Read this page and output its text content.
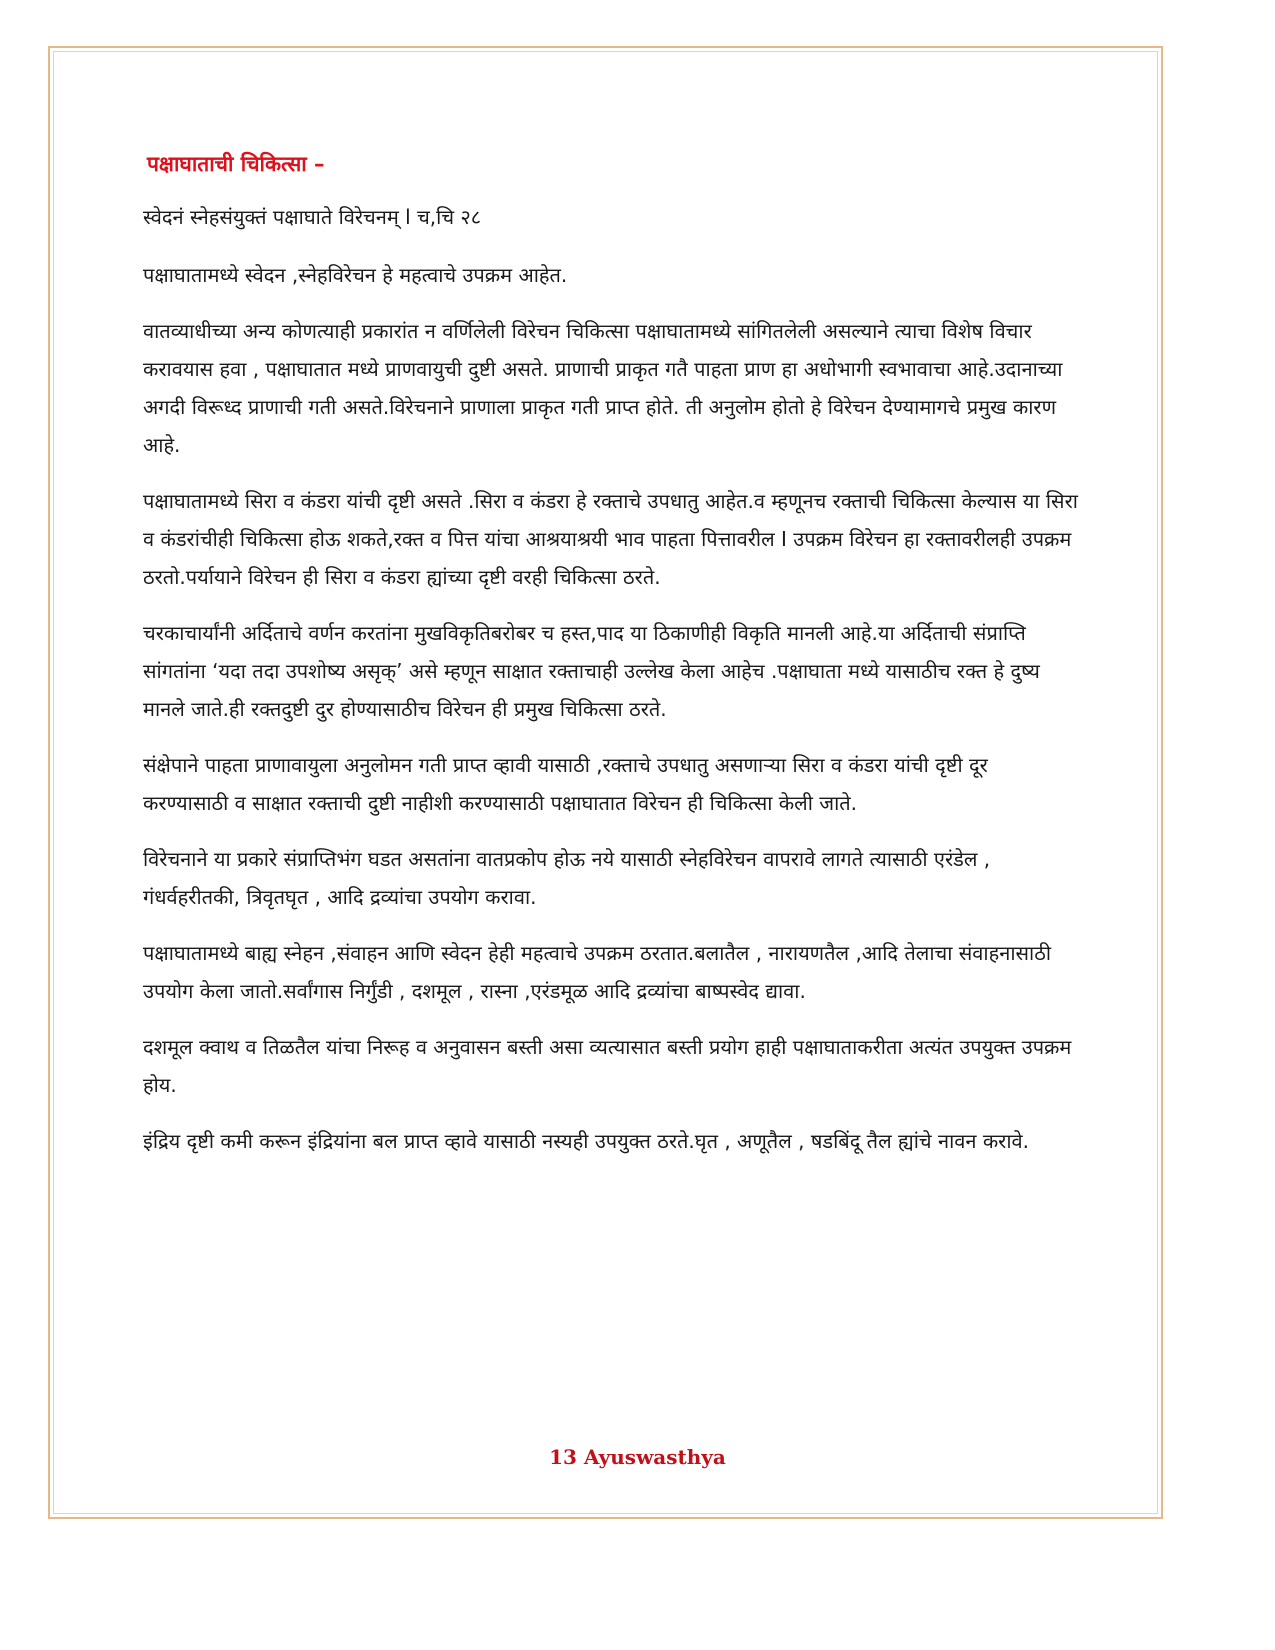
पक्षाघाताची चिकित्सा –
स्वेदनं स्नेहसंयुक्तं पक्षाघाते विरेचनम् l च,चि २८

पक्षाघातामध्ये स्वेदन ,स्नेहविरेचन हे महत्वाचे उपक्रम आहेत.

वातव्याधीच्या अन्य कोणत्याही प्रकारांत न वर्णिलेली विरेचन चिकित्सा पक्षाघातामध्ये सांगितलेली असल्याने त्याचा विशेष विचार करावयास हवा , पक्षाघातात मध्ये प्राणवायुची दुष्टी असते. प्राणाची प्राकृत गतै पाहता प्राण हा अधोभागी स्वभावाचा आहे.उदानाच्या अगदी विरूध्द प्राणाची गती असते.विरेचनाने प्राणाला प्राकृत गती प्राप्त होते. ती अनुलोम होतो हे विरेचन देण्यामागचे प्रमुख कारण आहे.

पक्षाघातामध्ये सिरा व कंडरा यांची दृष्टी असते .सिरा व कंडरा हे रक्ताचे उपधातु आहेत.व म्हणूनच रक्ताची चिकित्सा केल्यास या सिरा व कंडरांचीही चिकित्सा होऊ शकते,रक्त व पित्त यांचा आश्रयाश्रयी भाव पाहता पित्तावरील I उपक्रम विरेचन हा रक्तावरीलही उपक्रम ठरतो.पर्यायाने विरेचन ही सिरा व कंडरा ह्यांच्या दृष्टी वरही चिकित्सा ठरते.

चरकाचार्यांनी अर्दिताचे वर्णन करतांना मुखविकृतिबरोबर च हस्त,पाद या ठिकाणीही विकृति मानली आहे.या अर्दिताची संप्राप्ति सांगतांना ‘यदा तदा उपशोष्य असृक्’ असे म्हणून साक्षात रक्ताचाही उल्लेख केला आहेच .पक्षाघाता मध्ये यासाठीच रक्त हे दुष्य मानले जाते.ही रक्तदुष्टी दुर होण्यासाठीच विरेचन ही प्रमुख चिकित्सा ठरते.

संक्षेपाने पाहता प्राणावायुला अनुलोमन गती प्राप्त व्हावी यासाठी ,रक्ताचे उपधातु असणाऱ्या सिरा व कंडरा यांची दृष्टी दूर करण्यासाठी व साक्षात रक्ताची दुष्टी नाहीशी करण्यासाठी पक्षाघातात विरेचन ही चिकित्सा केली जाते.

विरेचनाने या प्रकारे संप्राप्तिभंग घडत असतांना वातप्रकोप होऊ नये यासाठी स्नेहविरेचन वापरावे लागते त्यासाठी एरंडेल , गंधर्वहरीतकी, त्रिवृतघृत , आदि द्रव्यांचा उपयोग करावा.

पक्षाघातामध्ये बाह्य स्नेहन ,संवाहन आणि स्वेदन हेही महत्वाचे उपक्रम ठरतात.बलातैल , नारायणतैल ,आदि तेलाचा संवाहनासाठी उपयोग केला जातो.सर्वांगास निर्गुंडी , दशमूल , रास्ना ,एरंडमूळ आदि द्रव्यांचा बाष्पस्वेद द्यावा.

दशमूल क्वाथ व तिळतैल यांचा निरूह व अनुवासन बस्ती असा व्यत्यासात बस्ती प्रयोग हाही पक्षाघाताकरीता अत्यंत उपयुक्त उपक्रम होय.

इंद्रिय दृष्टी कमी करून इंद्रियांना बल प्राप्त व्हावे यासाठी नस्यही उपयुक्त ठरते.घृत , अणूतैल , षडबिंदू तैल ह्यांचे नावन करावे.

13 Ayuswasthya
